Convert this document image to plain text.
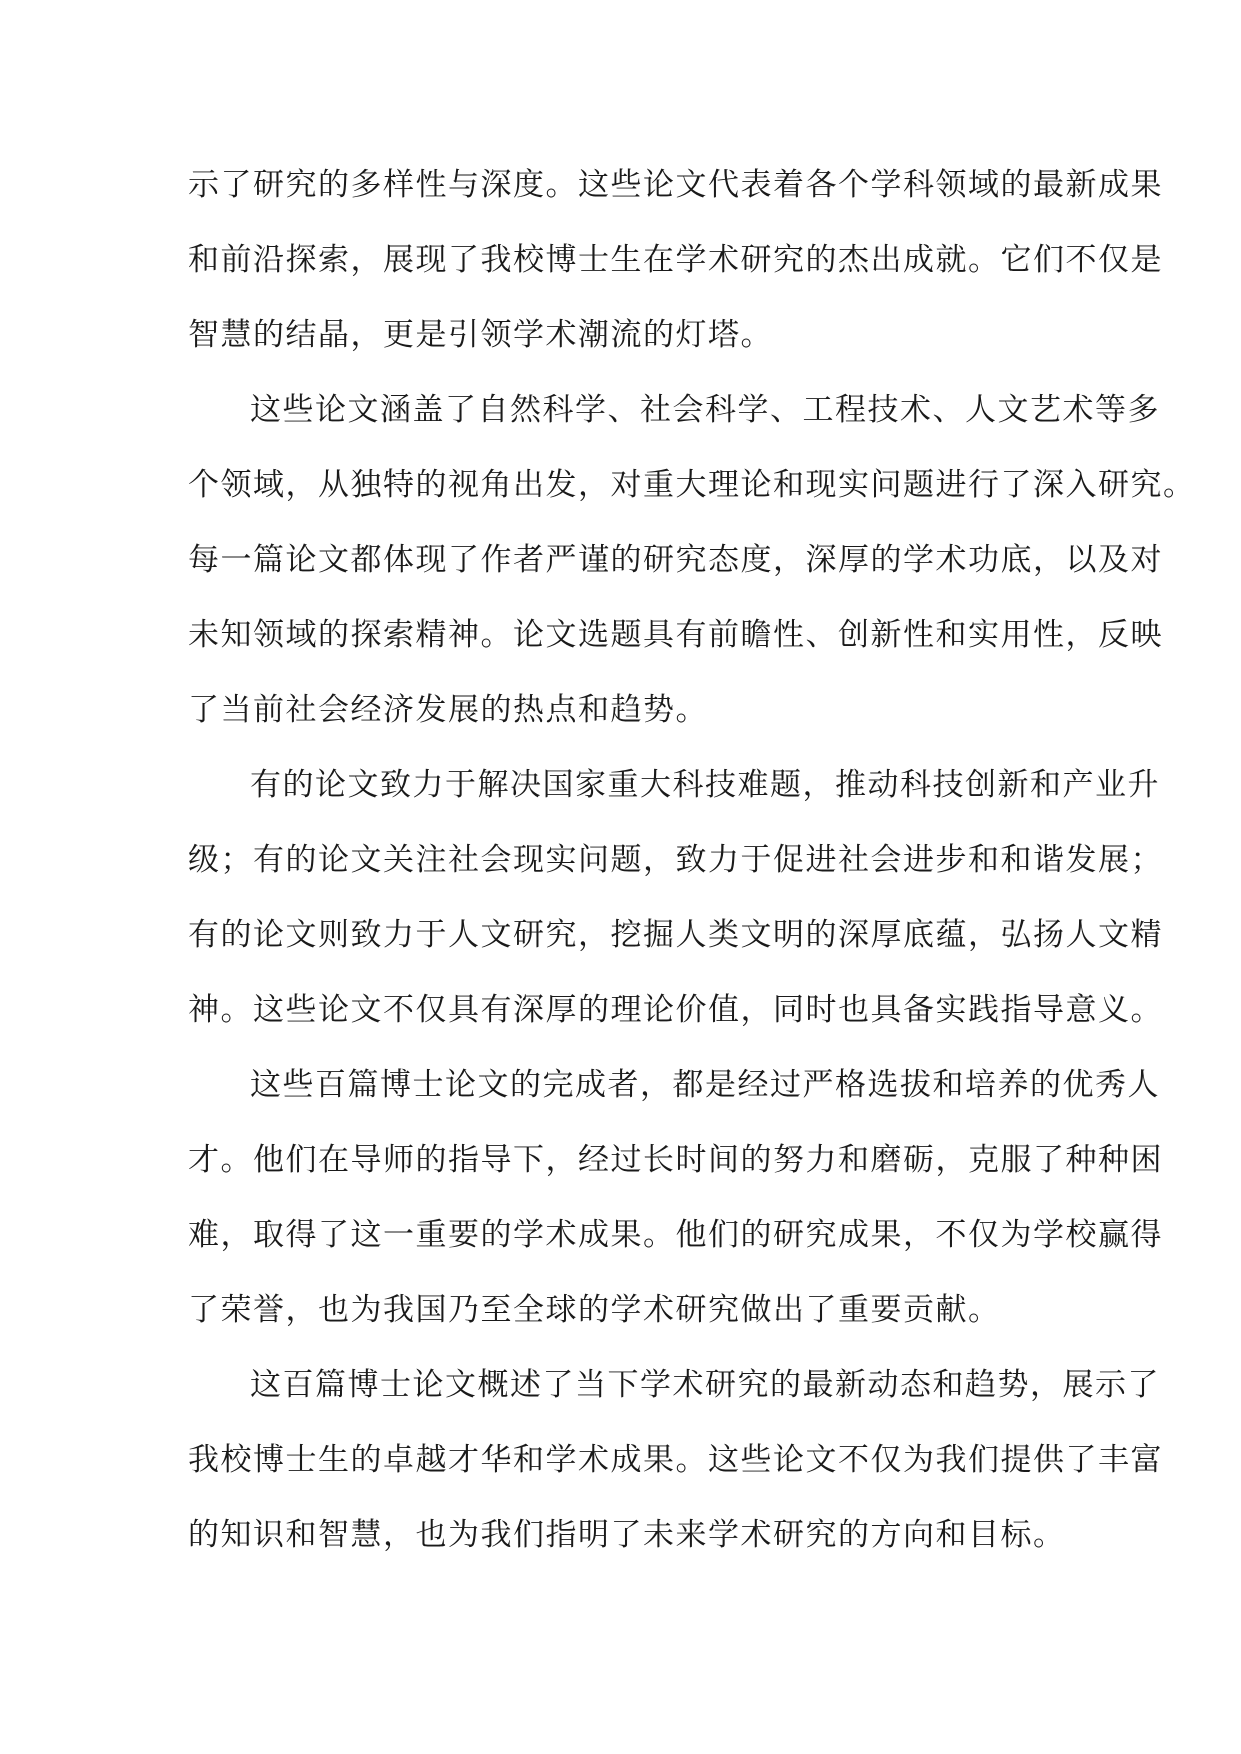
示了研究的多样性与深度。这些论文代表着各个学科领域的最新成果
和前沿探索，展现了我校博士生在学术研究的杰出成就。它们不仅是
智慧的结晶，更是引领学术潮流的灯塔。
这些论文涵盖了自然科学、社会科学、工程技术、人文艺术等多
个领域，从独特的视角出发，对重大理论和现实问题进行了深入研究。
每一篇论文都体现了作者严谨的研究态度，深厚的学术功底，以及对
未知领域的探索精神。论文选题具有前瞻性、创新性和实用性，反映
了当前社会经济发展的热点和趋势。
有的论文致力于解决国家重大科技难题，推动科技创新和产业升
级；有的论文关注社会现实问题，致力于促进社会进步和和谐发展；
有的论文则致力于人文研究，挖掘人类文明的深厚底蕴，弘扬人文精
神。这些论文不仅具有深厚的理论价值，同时也具备实践指导意义。
这些百篇博士论文的完成者，都是经过严格选拔和培养的优秀人
才。他们在导师的指导下，经过长时间的努力和磨砺，克服了种种困
难，取得了这一重要的学术成果。他们的研究成果，不仅为学校赢得
了荣誉，也为我国乃至全球的学术研究做出了重要贡献。
这百篇博士论文概述了当下学术研究的最新动态和趋势，展示了
我校博士生的卓越才华和学术成果。这些论文不仅为我们提供了丰富
的知识和智慧，也为我们指明了未来学术研究的方向和目标。
